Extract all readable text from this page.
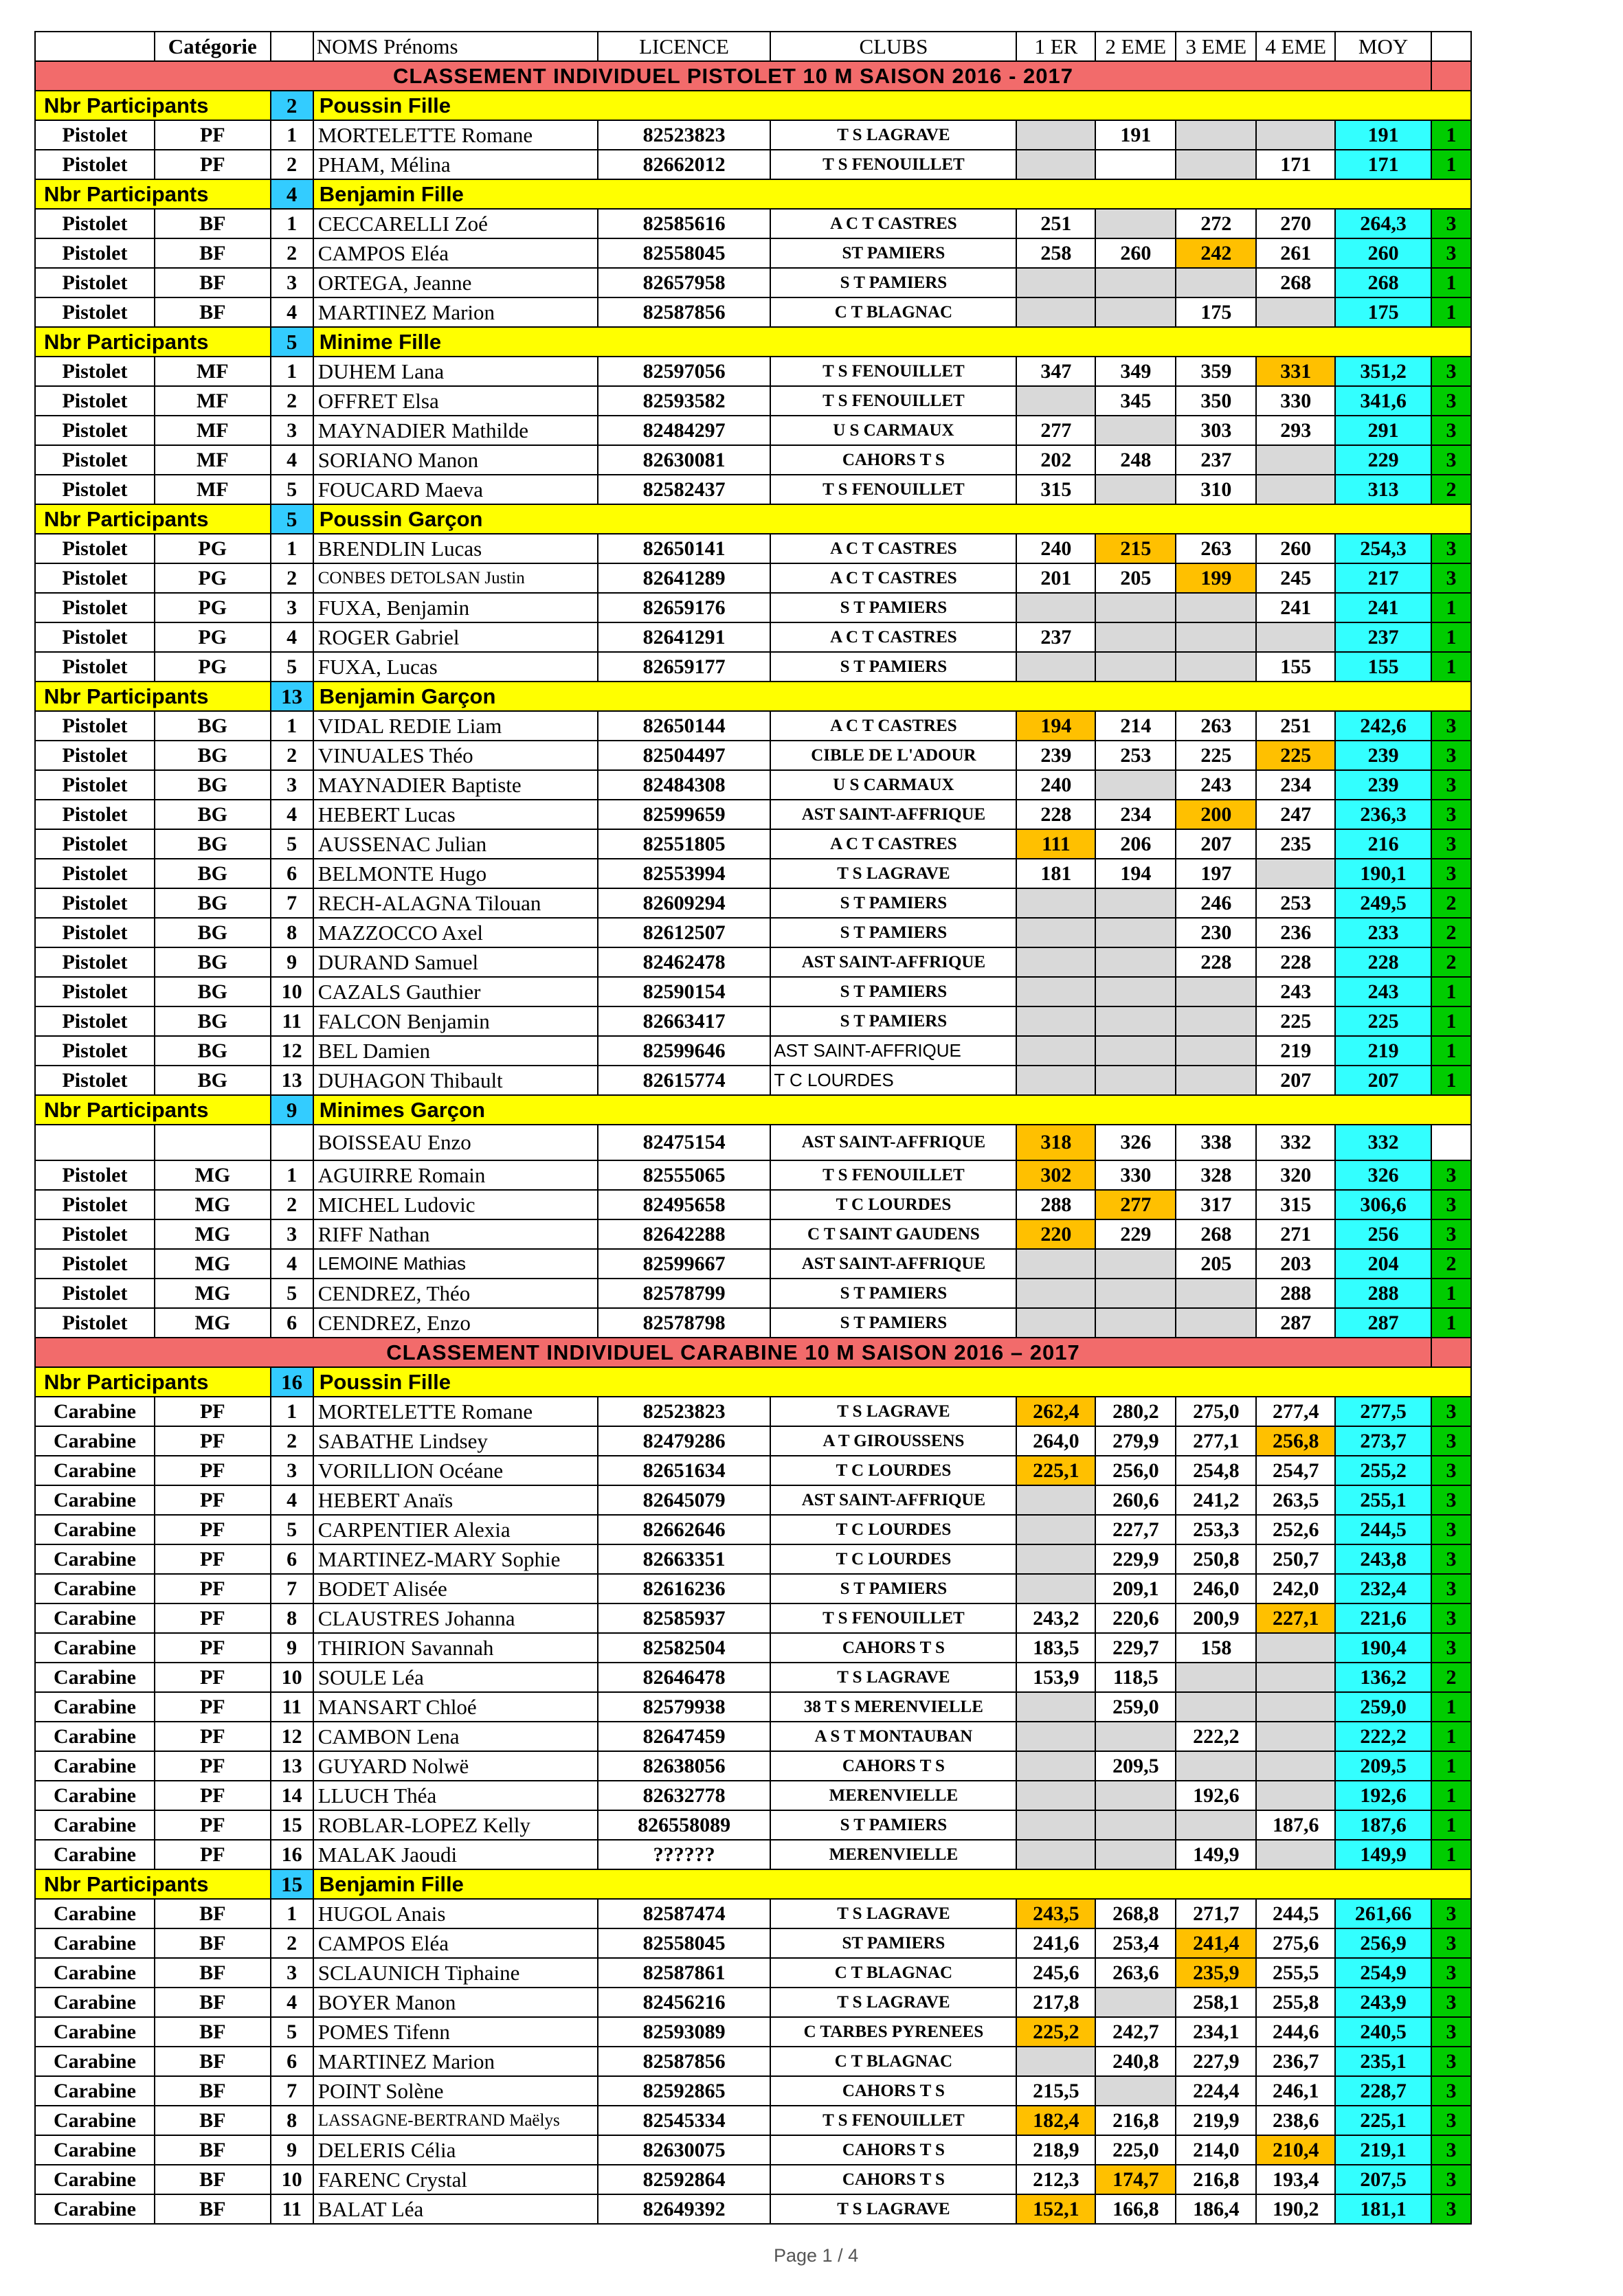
	Catégorie		NOMS Prénoms	LICENCE	CLUBS	1 ER	2 EME	3 EME	4 EME	MOY	
CLASSEMENT INDIVIDUEL PISTOLET 10 M SAISON 2016 - 2017											
Nbr Participants		2	Poussin Fille								
Pistolet	PF	1	MORTELETTE Romane	82523823	T S LAGRAVE		191			191	1
Pistolet	PF	2	PHAM, Mélina	82662012	T S FENOUILLET				171	171	1
Nbr Participants		4	Benjamin Fille								
Pistolet	BF	1	CECCARELLI Zoé	82585616	A C T CASTRES	251		272	270	264,3	3
Pistolet	BF	2	CAMPOS Eléa	82558045	ST PAMIERS	258	260	242	261	260	3
Pistolet	BF	3	ORTEGA, Jeanne	82657958	S T PAMIERS				268	268	1
Pistolet	BF	4	MARTINEZ Marion	82587856	C T BLAGNAC			175		175	1
Nbr Participants		5	Minime Fille								
Pistolet	MF	1	DUHEM Lana	82597056	T S FENOUILLET	347	349	359	331	351,2	3
Pistolet	MF	2	OFFRET Elsa	82593582	T S FENOUILLET		345	350	330	341,6	3
Pistolet	MF	3	MAYNADIER Mathilde	82484297	U S CARMAUX	277		303	293	291	3
Pistolet	MF	4	SORIANO Manon	82630081	CAHORS T S	202	248	237		229	3
Pistolet	MF	5	FOUCARD Maeva	82582437	T S FENOUILLET	315		310		313	2
Nbr Participants		5	Poussin Garçon								
Pistolet	PG	1	BRENDLIN Lucas	82650141	A C T CASTRES	240	215	263	260	254,3	3
Pistolet	PG	2	CONBES DETOLSAN Justin	82641289	A C T CASTRES	201	205	199	245	217	3
Pistolet	PG	3	FUXA, Benjamin	82659176	S T PAMIERS				241	241	1
Pistolet	PG	4	ROGER Gabriel	82641291	A C T CASTRES	237				237	1
Pistolet	PG	5	FUXA, Lucas	82659177	S T PAMIERS				155	155	1
Nbr Participants		13	Benjamin Garçon								
Pistolet	BG	1	VIDAL REDIE Liam	82650144	A C T CASTRES	194	214	263	251	242,6	3
Pistolet	BG	2	VINUALES Théo	82504497	CIBLE DE L'ADOUR	239	253	225	225	239	3
Pistolet	BG	3	MAYNADIER Baptiste	82484308	U S CARMAUX	240		243	234	239	3
Pistolet	BG	4	HEBERT Lucas	82599659	AST SAINT-AFFRIQUE	228	234	200	247	236,3	3
Pistolet	BG	5	AUSSENAC Julian	82551805	A C T CASTRES	111	206	207	235	216	3
Pistolet	BG	6	BELMONTE Hugo	82553994	T S LAGRAVE	181	194	197		190,1	3
Pistolet	BG	7	RECH-ALAGNA Tilouan	82609294	S T PAMIERS			246	253	249,5	2
Pistolet	BG	8	MAZZOCCO Axel	82612507	S T PAMIERS			230	236	233	2
Pistolet	BG	9	DURAND Samuel	82462478	AST SAINT-AFFRIQUE			228	228	228	2
Pistolet	BG	10	CAZALS Gauthier	82590154	S T PAMIERS				243	243	1
Pistolet	BG	11	FALCON Benjamin	82663417	S T PAMIERS				225	225	1
Pistolet	BG	12	BEL Damien	82599646	AST SAINT-AFFRIQUE				219	219	1
Pistolet	BG	13	DUHAGON Thibault	82615774	T C LOURDES				207	207	1
Nbr Participants		9	Minimes Garçon								
			BOISSEAU Enzo	82475154	AST SAINT-AFFRIQUE	318	326	338	332	332	
Pistolet	MG	1	AGUIRRE Romain	82555065	T S FENOUILLET	302	330	328	320	326	3
Pistolet	MG	2	MICHEL Ludovic	82495658	T C LOURDES	288	277	317	315	306,6	3
Pistolet	MG	3	RIFF Nathan	82642288	C T SAINT GAUDENS	220	229	268	271	256	3
Pistolet	MG	4	LEMOINE Mathias	82599667	AST SAINT-AFFRIQUE			205	203	204	2
Pistolet	MG	5	CENDREZ, Théo	82578799	S T PAMIERS				288	288	1
Pistolet	MG	6	CENDREZ, Enzo	82578798	S T PAMIERS				287	287	1
CLASSEMENT INDIVIDUEL CARABINE 10 M SAISON 2016 – 2017											
Nbr Participants		16	Poussin Fille								
Carabine	PF	1	MORTELETTE Romane	82523823	T S LAGRAVE	262,4	280,2	275,0	277,4	277,5	3
Carabine	PF	2	SABATHE Lindsey	82479286	A T GIROUSSENS	264,0	279,9	277,1	256,8	273,7	3
Carabine	PF	3	VORILLION Océane	82651634	T C LOURDES	225,1	256,0	254,8	254,7	255,2	3
Carabine	PF	4	HEBERT Anaïs	82645079	AST SAINT-AFFRIQUE		260,6	241,2	263,5	255,1	3
Carabine	PF	5	CARPENTIER Alexia	82662646	T C LOURDES		227,7	253,3	252,6	244,5	3
Carabine	PF	6	MARTINEZ-MARY Sophie	82663351	T C LOURDES		229,9	250,8	250,7	243,8	3
Carabine	PF	7	BODET Alisée	82616236	S T PAMIERS		209,1	246,0	242,0	232,4	3
Carabine	PF	8	CLAUSTRES Johanna	82585937	T S FENOUILLET	243,2	220,6	200,9	227,1	221,6	3
Carabine	PF	9	THIRION Savannah	82582504	CAHORS T S	183,5	229,7	158		190,4	3
Carabine	PF	10	SOULE Léa	82646478	T S LAGRAVE	153,9	118,5			136,2	2
Carabine	PF	11	MANSART Chloé	82579938	38 T S MERENVIELLE		259,0			259,0	1
Carabine	PF	12	CAMBON Lena	82647459	A S T MONTAUBAN			222,2		222,2	1
Carabine	PF	13	GUYARD Nolwë	82638056	CAHORS T S		209,5			209,5	1
Carabine	PF	14	LLUCH Théa	82632778	MERENVIELLE			192,6		192,6	1
Carabine	PF	15	ROBLAR-LOPEZ Kelly	826558089	S T PAMIERS				187,6	187,6	1
Carabine	PF	16	MALAK Jaoudi	??????	MERENVIELLE			149,9		149,9	1
Nbr Participants		15	Benjamin Fille								
Carabine	BF	1	HUGOL Anais	82587474	T S LAGRAVE	243,5	268,8	271,7	244,5	261,66	3
Carabine	BF	2	CAMPOS Eléa	82558045	ST PAMIERS	241,6	253,4	241,4	275,6	256,9	3
Carabine	BF	3	SCLAUNICH Tiphaine	82587861	C T BLAGNAC	245,6	263,6	235,9	255,5	254,9	3
Carabine	BF	4	BOYER Manon	82456216	T S LAGRAVE	217,8		258,1	255,8	243,9	3
Carabine	BF	5	POMES Tifenn	82593089	C TARBES PYRENEES	225,2	242,7	234,1	244,6	240,5	3
Carabine	BF	6	MARTINEZ Marion	82587856	C T BLAGNAC		240,8	227,9	236,7	235,1	3
Carabine	BF	7	POINT Solène	82592865	CAHORS T S	215,5		224,4	246,1	228,7	3
Carabine	BF	8	LASSAGNE-BERTRAND Maëlys	82545334	T S FENOUILLET	182,4	216,8	219,9	238,6	225,1	3
Carabine	BF	9	DELERIS Célia	82630075	CAHORS T S	218,9	225,0	214,0	210,4	219,1	3
Carabine	BF	10	FARENC Crystal	82592864	CAHORS T S	212,3	174,7	216,8	193,4	207,5	3
Carabine	BF	11	BALAT Léa	82649392	T S LAGRAVE	152,1	166,8	186,4	190,2	181,1	3
Page 1 / 4
